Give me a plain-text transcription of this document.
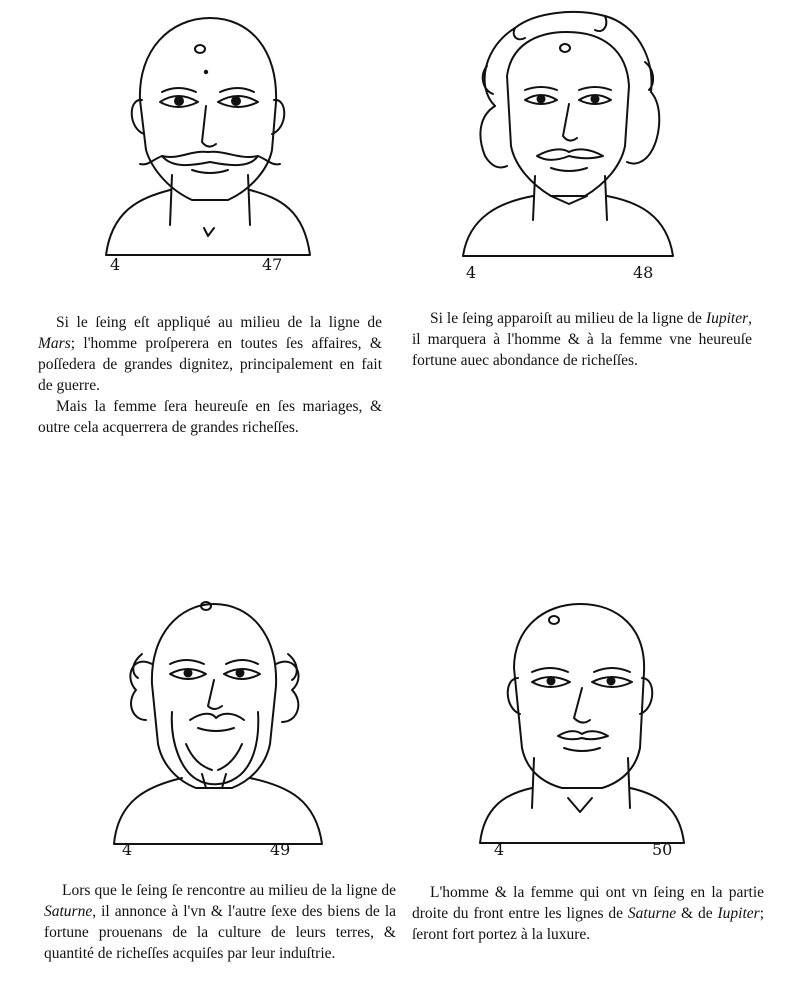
4	47

Si le ſeing eſt appliqué au milieu de la ligne de Mars; l'homme proſperera en toutes ſes affaires, & poſſedera de grandes dignitez, principalement en fait de guerre.

Mais la femme ſera heureuſe en ſes mariages, & outre cela acquerrera de grandes richeſſes.

4	48

Si le ſeing apparoiſt au milieu de la ligne de Iupiter, il marquera à l'homme & à la femme vne heureuſe fortune auec abondance de richeſſes.

4	49

Lors que le ſeing ſe rencontre au milieu de la ligne de Saturne, il annonce à l'vn & l'autre ſexe des biens de la fortune prouenans de la culture de leurs terres, & quantité de richeſſes acquiſes par leur induſtrie.

4	50

L'homme & la femme qui ont vn ſeing en la partie droite du front entre les lignes de Saturne & de Iupiter; ſeront fort portez à la luxure.
